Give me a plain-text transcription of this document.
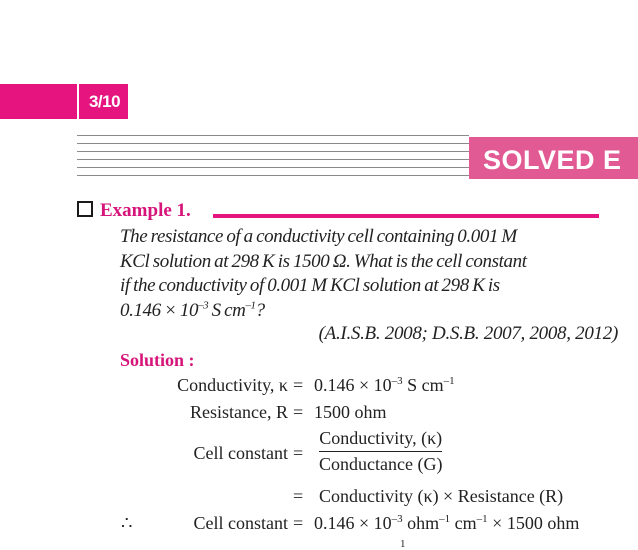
3/10
SOLVED E
Example 1.
The resistance of a conductivity cell containing 0.001 M
KCl solution at 298 K is 1500 Ω. What is the cell constant
if the conductivity of 0.001 M KCl solution at 298 K is
$0.146 \times 10^{-3}$ S $cm^{-1}$?
(A.I.S.B. 2008; D.S.B. 2007, 2008, 2012)
Solution :
Conductivity, $\kappa = 0.146 \times 10^{-3}$ S $cm^{-1}$
Resistance, R = 1500 ohm
Cell constant =
Conductivity, (κ)
Conductance (G)
= Conductivity (κ) × Resistance (R)
∴	Cell constant = $0.146 \times 10^{-3}$ ohm$^{-1}$ $cm^{-1} \times 1500$ ohm
1
